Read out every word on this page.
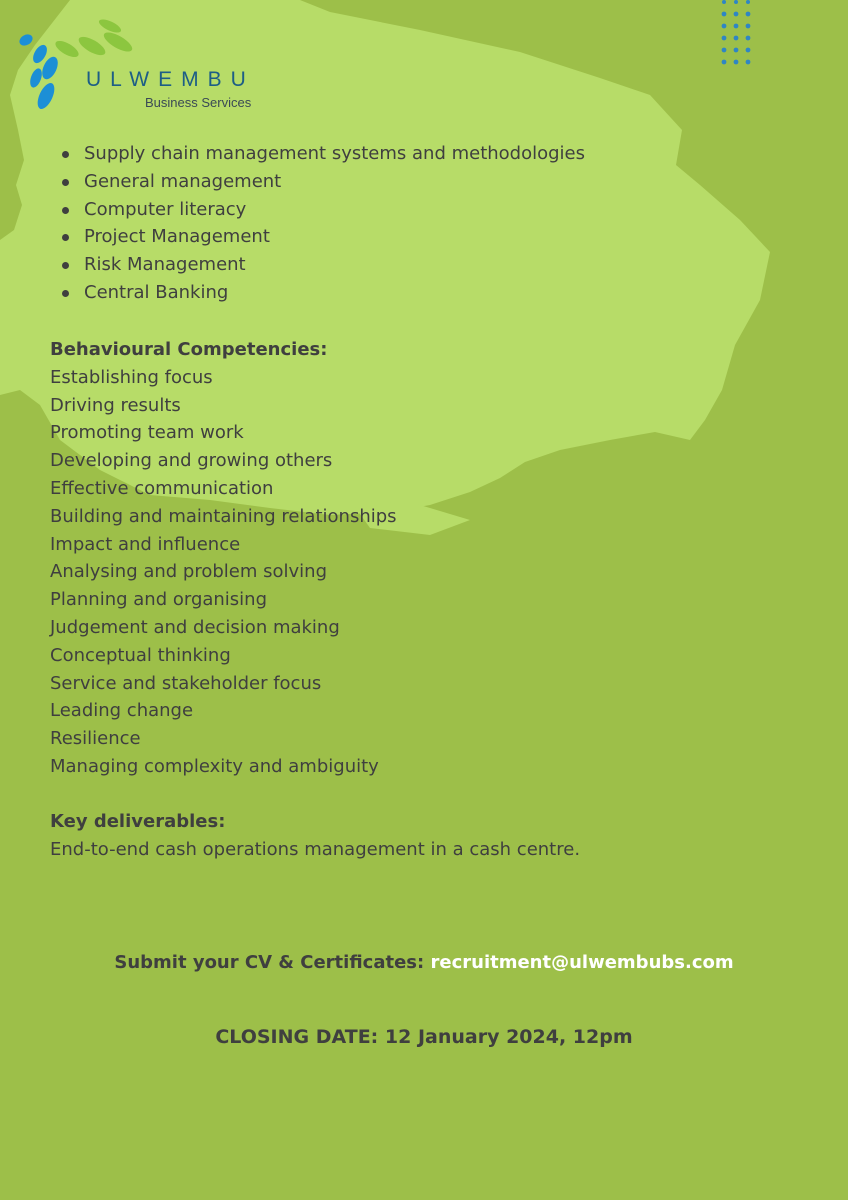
ULWEMBU
Business Services
Supply chain management systems and methodologies
General management
Computer literacy
Project Management
Risk Management
Central Banking
Behavioural Competencies:
Establishing focus
Driving results
Promoting team work
Developing and growing others
Effective communication
Building and maintaining relationships
Impact and influence
Analysing and problem solving
Planning and organising
Judgement and decision making
Conceptual thinking
Service and stakeholder focus
Leading change
Resilience
Managing complexity and ambiguity
Key deliverables:
End-to-end cash operations management in a cash centre.
Submit your CV & Certificates: recruitment@ulwembubs.com
CLOSING DATE: 12 January 2024, 12pm
